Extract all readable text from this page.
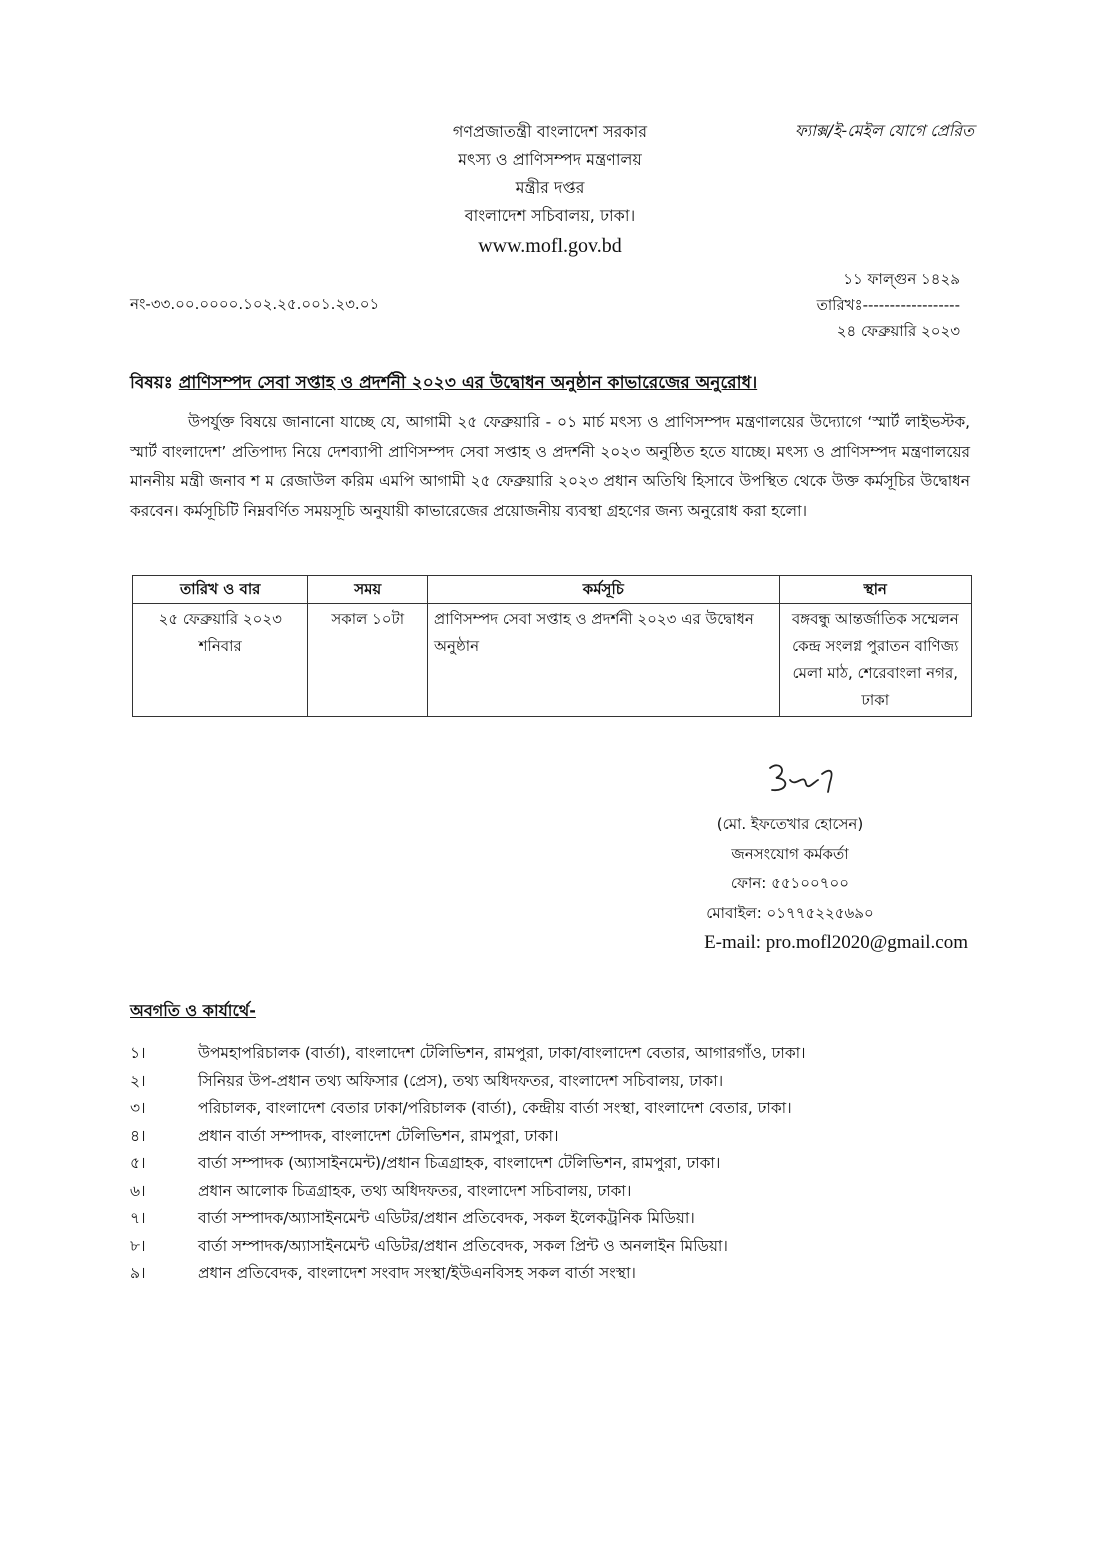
গণপ্রজাতন্ত্রী বাংলাদেশ সরকার
মৎস্য ও প্রাণিসম্পদ মন্ত্রণালয়
মন্ত্রীর দপ্তর
বাংলাদেশ সচিবালয়, ঢাকা।
www.mofl.gov.bd
ফ্যাক্স/ই-মেইল যোগে প্রেরিত
নং-৩৩.০০.০০০০.১০২.২৫.০০১.২৩.০১
১১ ফাল্গুন ১৪২৯
তারিখঃ------------------
২৪ ফেব্রুয়ারি ২০২৩
বিষয়ঃ প্রাণিসম্পদ সেবা সপ্তাহ ও প্রদর্শনী ২০২৩ এর উদ্বোধন অনুষ্ঠান কাভারেজের অনুরোধ।
উপর্যুক্ত বিষয়ে জানানো যাচ্ছে যে, আগামী ২৫ ফেব্রুয়ারি - ০১ মার্চ মৎস্য ও প্রাণিসম্পদ মন্ত্রণালয়ের উদ্যোগে ‘স্মার্ট লাইভস্টক, স্মার্ট বাংলাদেশ’ প্রতিপাদ্য নিয়ে দেশব্যাপী প্রাণিসম্পদ সেবা সপ্তাহ ও প্রদর্শনী ২০২৩ অনুষ্ঠিত হতে যাচ্ছে। মৎস্য ও প্রাণিসম্পদ মন্ত্রণালয়ের মাননীয় মন্ত্রী জনাব শ ম রেজাউল করিম এমপি আগামী ২৫ ফেব্রুয়ারি ২০২৩ প্রধান অতিথি হিসাবে উপস্থিত থেকে উক্ত কর্মসূচির উদ্বোধন করবেন। কর্মসূচিটি নিম্নবর্ণিত সময়সূচি অনুযায়ী কাভারেজের প্রয়োজনীয় ব্যবস্থা গ্রহণের জন্য অনুরোধ করা হলো।
তারিখ ও বার	সময়	কর্মসূচি	স্থান

২৫ ফেব্রুয়ারি ২০২৩
শনিবার	সকাল ১০টা	প্রাণিসম্পদ সেবা সপ্তাহ ও প্রদর্শনী ২০২৩ এর উদ্বোধন অনুষ্ঠান	বঙ্গবন্ধু আন্তর্জাতিক সম্মেলন কেন্দ্র সংলগ্ন পুরাতন বাণিজ্য মেলা মাঠ, শেরেবাংলা নগর, ঢাকা
(মো. ইফতেখার হোসেন)
জনসংযোগ কর্মকর্তা
ফোন: ৫৫১০০৭০০
মোবাইল: ০১৭৭৫২২৫৬৯০
E-mail: pro.mofl2020@gmail.com
অবগতি ও কার্যার্থে-
১।	উপমহাপরিচালক (বার্তা), বাংলাদেশ টেলিভিশন, রামপুরা, ঢাকা/বাংলাদেশ বেতার, আগারগাঁও, ঢাকা।
২।	সিনিয়র উপ-প্রধান তথ্য অফিসার (প্রেস), তথ্য অধিদফতর, বাংলাদেশ সচিবালয়, ঢাকা।
৩।	পরিচালক, বাংলাদেশ বেতার ঢাকা/পরিচালক (বার্তা), কেন্দ্রীয় বার্তা সংস্থা, বাংলাদেশ বেতার, ঢাকা।
৪।	প্রধান বার্তা সম্পাদক, বাংলাদেশ টেলিভিশন, রামপুরা, ঢাকা।
৫।	বার্তা সম্পাদক (অ্যাসাইনমেন্ট)/প্রধান চিত্রগ্রাহক, বাংলাদেশ টেলিভিশন, রামপুরা, ঢাকা।
৬।	প্রধান আলোক চিত্রগ্রাহক, তথ্য অধিদফতর, বাংলাদেশ সচিবালয়, ঢাকা।
৭।	বার্তা সম্পাদক/অ্যাসাইনমেন্ট এডিটর/প্রধান প্রতিবেদক, সকল ইলেকট্রনিক মিডিয়া।
৮।	বার্তা সম্পাদক/অ্যাসাইনমেন্ট এডিটর/প্রধান প্রতিবেদক, সকল প্রিন্ট ও অনলাইন মিডিয়া।
৯।	প্রধান প্রতিবেদক, বাংলাদেশ সংবাদ সংস্থা/ইউএনবিসহ সকল বার্তা সংস্থা।
